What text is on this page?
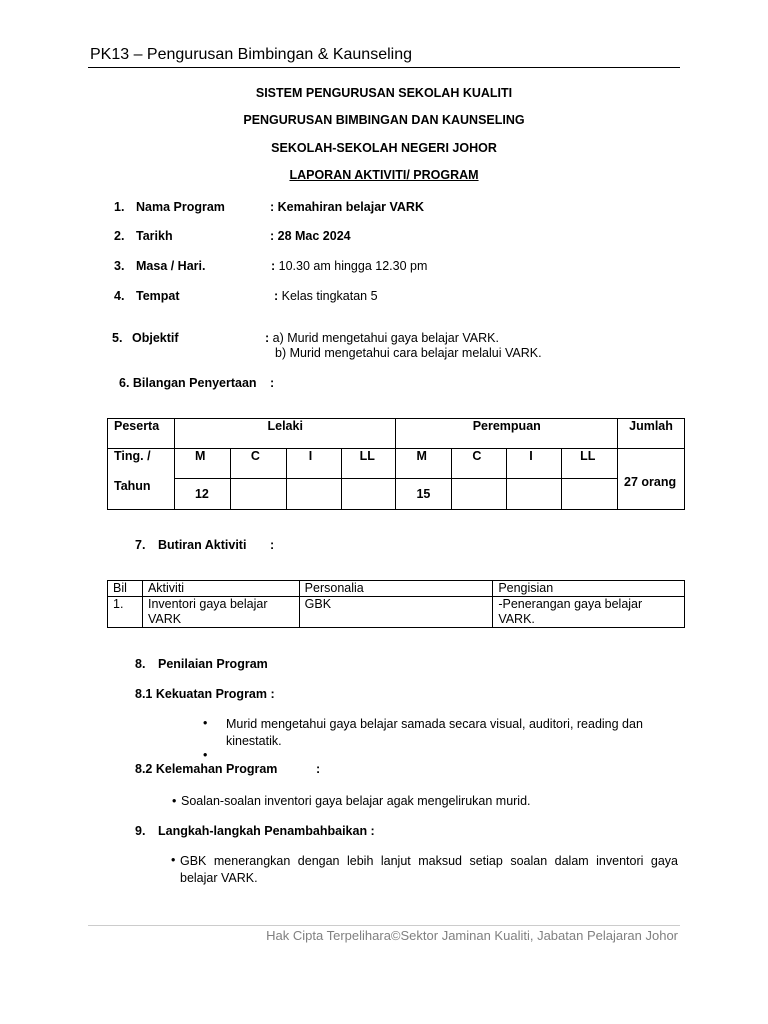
PK13 – Pengurusan Bimbingan & Kaunseling
SISTEM PENGURUSAN SEKOLAH KUALITI
PENGURUSAN BIMBINGAN DAN KAUNSELING
SEKOLAH-SEKOLAH NEGERI JOHOR
LAPORAN AKTIVITI/ PROGRAM
1. Nama Program	: Kemahiran belajar VARK
2. Tarikh	: 28 Mac 2024
3. Masa / Hari.	: 10.30 am hingga 12.30 pm
4. Tempat	: Kelas tingkatan 5
5. Objektif	: a) Murid mengetahui gaya belajar VARK.
b) Murid mengetahui cara belajar melalui VARK.
6. Bilangan Penyertaan :
Peserta	Lelaki				Perempuan				Jumlah
Ting. /	M	C	I	LL	M	C	I	LL	27 orang
Tahun	12				15				
7. Butiran Aktiviti :
Bil	Aktiviti	Personalia	Pengisian
1.	Inventori gaya belajar VARK	GBK	-Penerangan gaya belajar VARK.
8. Penilaian Program
8.1 Kekuatan Program :
• Murid mengetahui gaya belajar samada secara visual, auditori, reading dan kinestatik.
•
8.2 Kelemahan Program	:
• Soalan-soalan inventori gaya belajar agak mengelirukan murid.
9. Langkah-langkah Penambahbaikan :
• GBK menerangkan dengan lebih lanjut maksud setiap soalan dalam inventori gaya belajar VARK.
Hak Cipta Terpelihara©Sektor Jaminan Kualiti, Jabatan Pelajaran Johor
